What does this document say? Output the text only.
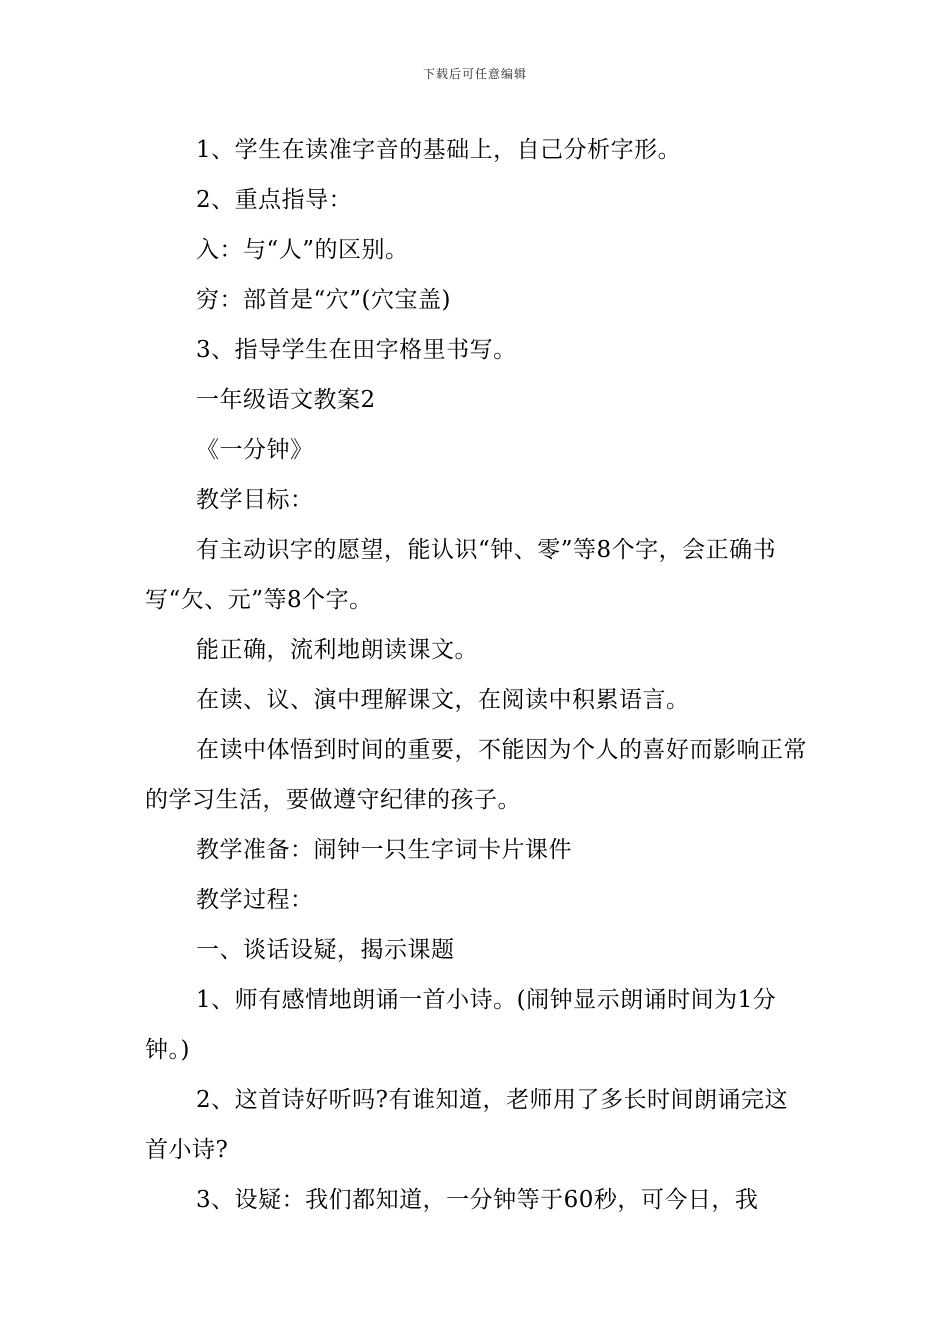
下载后可任意编辑

1、学生在读准字音的基础上，自己分析字形。

2、重点指导：

入：与“人”的区别。

穷：部首是“穴”(穴宝盖)

3、指导学生在田字格里书写。

一年级语文教案2

《一分钟》

教学目标：

有主动识字的愿望，能认识“钟、零”等8个字，会正确书写“欠、元”等8个字。

能正确，流利地朗读课文。

在读、议、演中理解课文，在阅读中积累语言。

在读中体悟到时间的重要，不能因为个人的喜好而影响正常的学习生活，要做遵守纪律的孩子。

教学准备：闹钟一只生字词卡片课件

教学过程：

一、谈话设疑，揭示课题

1、师有感情地朗诵一首小诗。(闹钟显示朗诵时间为1分钟。)

2、这首诗好听吗?有谁知道，老师用了多长时间朗诵完这首小诗?

3、设疑：我们都知道，一分钟等于60秒，可今日，我
